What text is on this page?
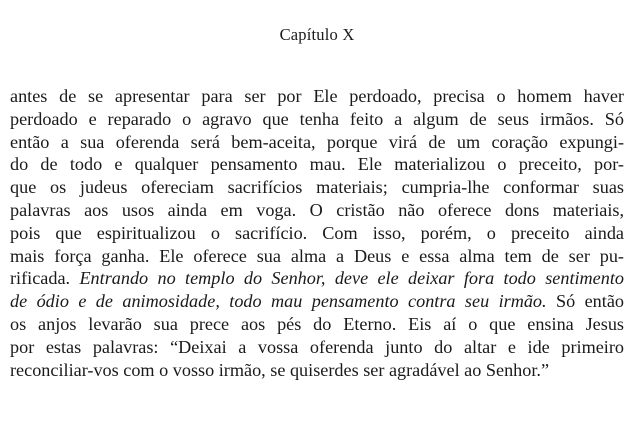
Capítulo X

antes de se apresentar para ser por Ele perdoado, precisa o homem haver
perdoado e reparado o agravo que tenha feito a algum de seus irmãos. Só
então a sua oferenda será bem-aceita, porque virá de um coração expungi-
do de todo e qualquer pensamento mau. Ele materializou o preceito, por-
que os judeus ofereciam sacrifícios materiais; cumpria-lhe conformar suas
palavras aos usos ainda em voga. O cristão não oferece dons materiais,
pois que espiritualizou o sacrifício. Com isso, porém, o preceito ainda
mais força ganha. Ele oferece sua alma a Deus e essa alma tem de ser pu-
rificada. Entrando no templo do Senhor, deve ele deixar fora todo sentimento
de ódio e de animosidade, todo mau pensamento contra seu irmão. Só então
os anjos levarão sua prece aos pés do Eterno. Eis aí o que ensina Jesus
por estas palavras: “Deixai a vossa oferenda junto do altar e ide primeiro
reconciliar-vos com o vosso irmão, se quiserdes ser agradável ao Senhor.”
